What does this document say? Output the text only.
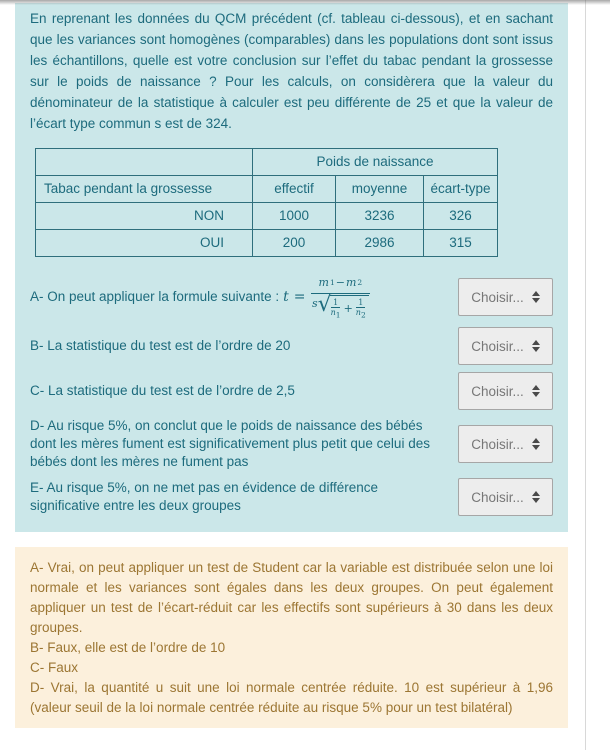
En reprenant les données du QCM précédent (cf. tableau ci-dessous), et en sachant que les variances sont homogènes (comparables) dans les populations dont sont issus les échantillons, quelle est votre conclusion sur l’effet du tabac pendant la grossesse sur le poids de naissance ? Pour les calculs, on considèrera que la valeur du dénominateur de la statistique à calculer est peu différente de 25 et que la valeur de l’écart type commun s est de 324.

	Poids de naissance		
Tabac pendant la grossesse	effectif	moyenne	écart-type
NON	1000	3236	326
OUI	200	2986	315
A- On peut appliquer la formule suivante : t =
m 1 − m 2
s √ 1
$n_1$
+ $\frac{1}{n_2}$
Choisir...
B- La statistique du test est de l’ordre de 20	Choisir...
C- La statistique du test est de l’ordre de 2,5	Choisir...
D- Au risque 5%, on conclut que le poids de naissance des bébés dont les mères fument est significativement plus petit que celui des bébés dont les mères ne fument pas
Choisir...
E- Au risque 5%, on ne met pas en évidence de différence significative entre les deux groupes
Choisir...

A- Vrai, on peut appliquer un test de Student car la variable est distribuée selon une loi normale et les variances sont égales dans les deux groupes. On peut également appliquer un test de l’écart-réduit car les effectifs sont supérieurs à 30 dans les deux groupes.

B- Faux, elle est de l’ordre de 10

C- Faux

D- Vrai, la quantité u suit une loi normale centrée réduite. 10 est supérieur à 1,96 (valeur seuil de la loi normale centrée réduite au risque 5% pour un test bilatéral)
